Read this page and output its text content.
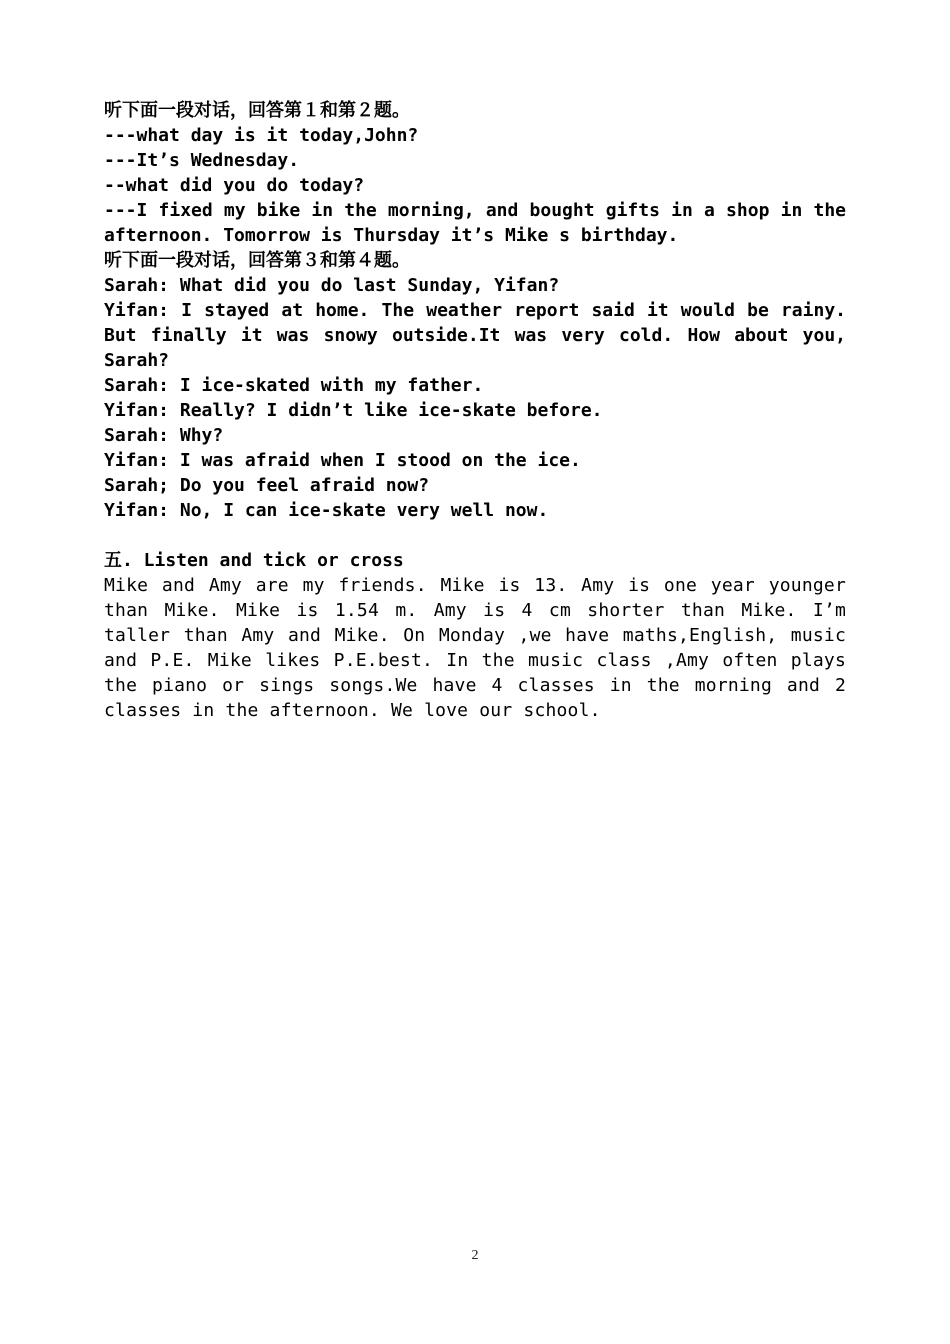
听下面一段对话，回答第１和第２题。

---what day is it today,John?

---It’s Wednesday.

--what did you do today?

---I fixed my bike in the morning, and bought gifts in a shop in the afternoon. Tomorrow is Thursday it’s Mike s birthday.

听下面一段对话，回答第３和第４题。

Sarah: What did you do last Sunday, Yifan?

Yifan: I stayed at home. The weather report said it would be rainy. But finally it was snowy outside.It was very cold. How about you, Sarah?

Sarah: I ice-skated with my father.

Yifan: Really? I didn’t like ice-skate before.

Sarah: Why?

Yifan: I was afraid when I stood on the ice.

Sarah; Do you feel afraid now?

Yifan: No, I can ice-skate very well now.

五. Listen and tick or cross

Mike and Amy are my friends. Mike is 13. Amy is one year younger than Mike. Mike is 1.54 m. Amy is 4 cm shorter than Mike. I’m taller than Amy and Mike. On Monday ,we have maths,English, music and P.E. Mike likes P.E.best. In the music class ,Amy often plays the piano or sings songs.We have 4 classes in the morning and 2 classes in the afternoon. We love our school.

2
